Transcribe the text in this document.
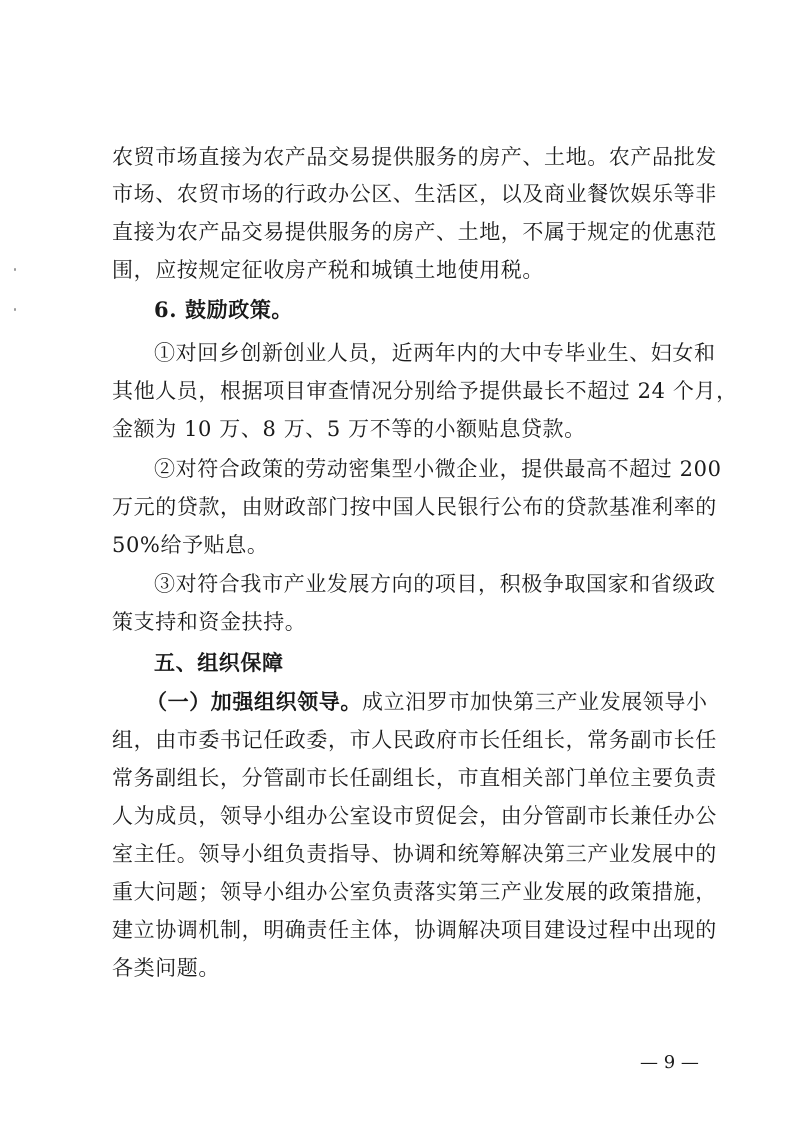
农贸市场直接为农产品交易提供服务的房产、土地。农产品批发
市场、农贸市场的行政办公区、生活区，以及商业餐饮娱乐等非
直接为农产品交易提供服务的房产、土地，不属于规定的优惠范
围，应按规定征收房产税和城镇土地使用税。
6. 鼓励政策。
①对回乡创新创业人员，近两年内的大中专毕业生、妇女和
其他人员，根据项目审查情况分别给予提供最长不超过 24 个月，
金额为 10 万、8 万、5 万不等的小额贴息贷款。
②对符合政策的劳动密集型小微企业，提供最高不超过 200
万元的贷款，由财政部门按中国人民银行公布的贷款基准利率的
50%给予贴息。
③对符合我市产业发展方向的项目，积极争取国家和省级政
策支持和资金扶持。
五、组织保障
（一）加强组织领导。成立汨罗市加快第三产业发展领导小
组，由市委书记任政委，市人民政府市长任组长，常务副市长任
常务副组长，分管副市长任副组长，市直相关部门单位主要负责
人为成员，领导小组办公室设市贸促会，由分管副市长兼任办公
室主任。领导小组负责指导、协调和统筹解决第三产业发展中的
重大问题；领导小组办公室负责落实第三产业发展的政策措施，
建立协调机制，明确责任主体，协调解决项目建设过程中出现的
各类问题。
— 9 —
